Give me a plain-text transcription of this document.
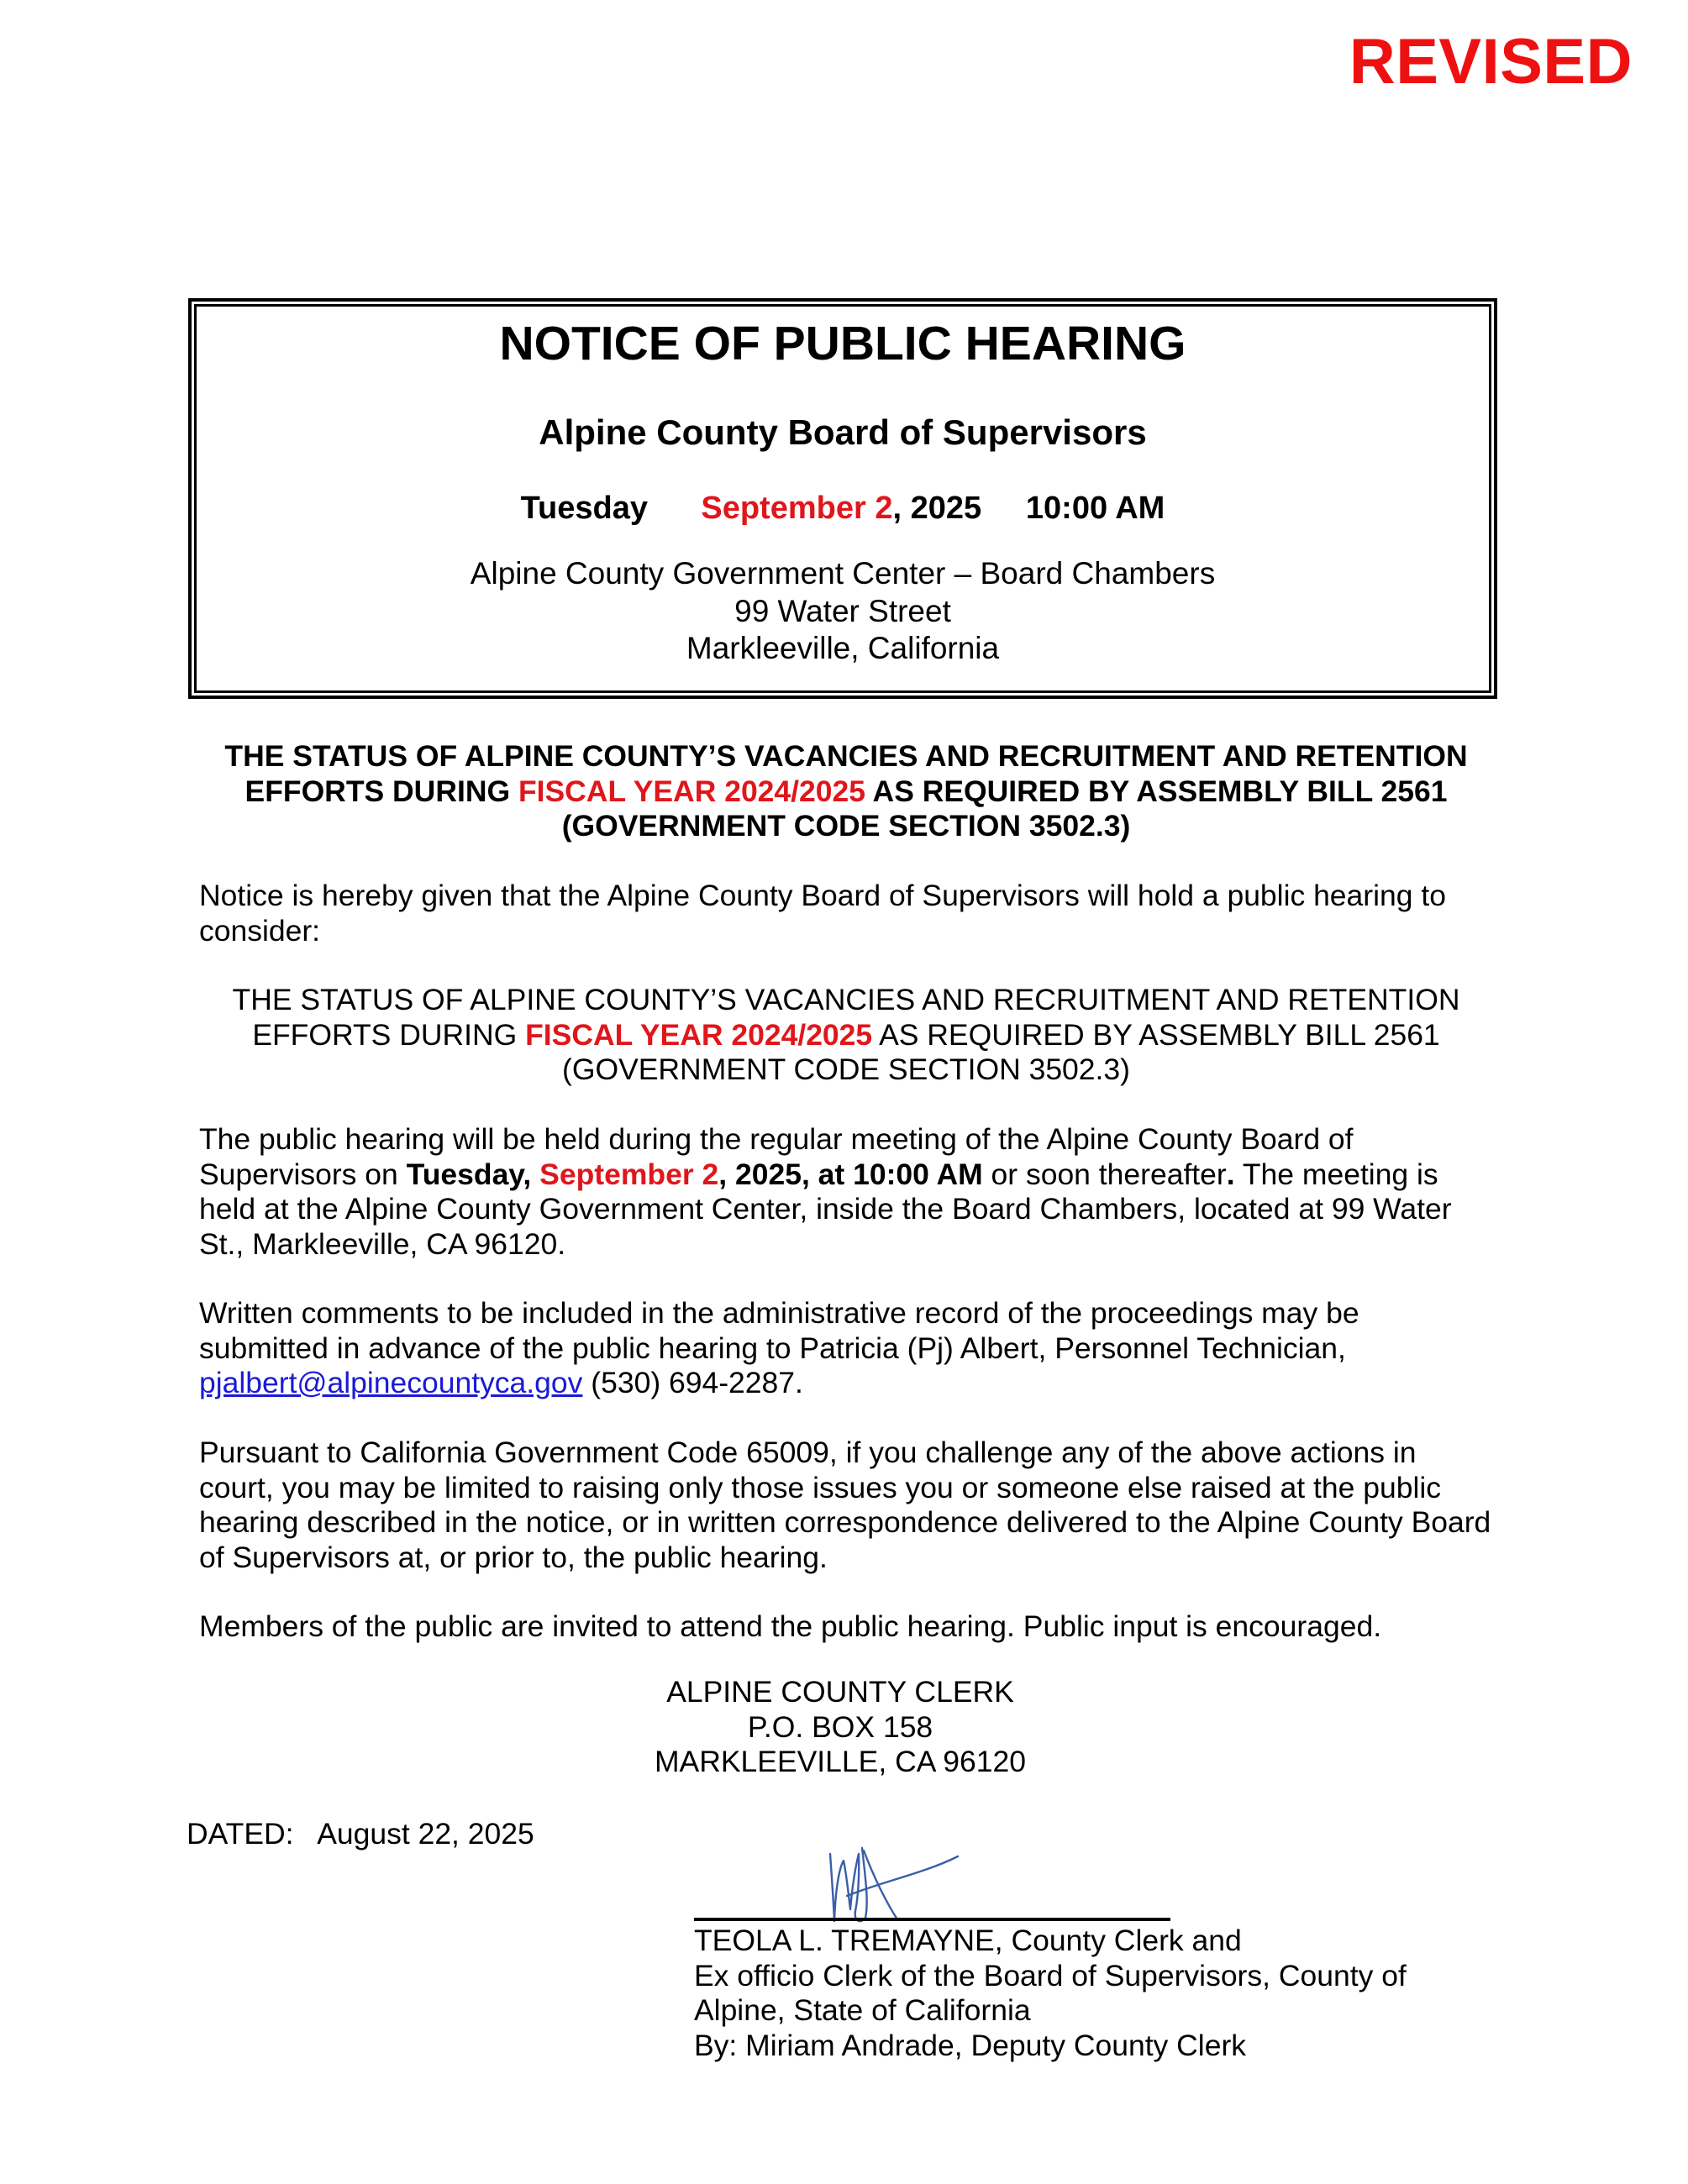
REVISED
NOTICE OF PUBLIC HEARING
Alpine County Board of Supervisors
Tuesday September 2, 2025 10:00 AM
Alpine County Government Center – Board Chambers
99 Water Street
Markleeville, California
THE STATUS OF ALPINE COUNTY’S VACANCIES AND RECRUITMENT AND RETENTION
EFFORTS DURING FISCAL YEAR 2024/2025 AS REQUIRED BY ASSEMBLY BILL 2561
(GOVERNMENT CODE SECTION 3502.3)
Notice is hereby given that the Alpine County Board of Supervisors will hold a public hearing to consider:
THE STATUS OF ALPINE COUNTY’S VACANCIES AND RECRUITMENT AND RETENTION
EFFORTS DURING FISCAL YEAR 2024/2025 AS REQUIRED BY ASSEMBLY BILL 2561
(GOVERNMENT CODE SECTION 3502.3)
The public hearing will be held during the regular meeting of the Alpine County Board of Supervisors on Tuesday, September 2, 2025, at 10:00 AM or soon thereafter. The meeting is held at the Alpine County Government Center, inside the Board Chambers, located at 99 Water St., Markleeville, CA 96120.
Written comments to be included in the administrative record of the proceedings may be submitted in advance of the public hearing to Patricia (Pj) Albert, Personnel Technician, pjalbert@alpinecountyca.gov (530) 694-2287.
Pursuant to California Government Code 65009, if you challenge any of the above actions in court, you may be limited to raising only those issues you or someone else raised at the public hearing described in the notice, or in written correspondence delivered to the Alpine County Board of Supervisors at, or prior to, the public hearing.
Members of the public are invited to attend the public hearing. Public input is encouraged.
ALPINE COUNTY CLERK
P.O. BOX 158
MARKLEEVILLE, CA 96120
DATED: August 22, 2025
TEOLA L. TREMAYNE, County Clerk and
Ex officio Clerk of the Board of Supervisors, County of
Alpine, State of California
By: Miriam Andrade, Deputy County Clerk
